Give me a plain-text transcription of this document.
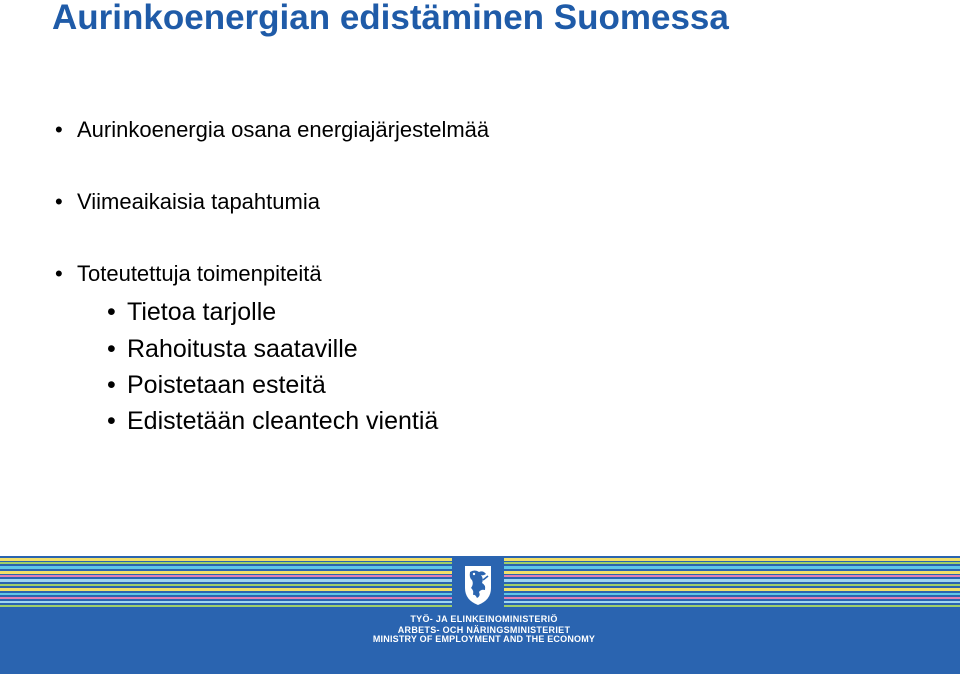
Aurinkoenergian edistäminen Suomessa
• Aurinkoenergia osana energiajärjestelmää
• Viimeaikaisia tapahtumia
• Toteutettuja toimenpiteitä
• Tietoa tarjolle
• Rahoitusta saataville
• Poistetaan esteitä
• Edistetään cleantech vientiä
TYÖ- JA ELINKEINOMINISTERIÖ
ARBETS- OCH NÄRINGSMINISTERIET
MINISTRY OF EMPLOYMENT AND THE ECONOMY
